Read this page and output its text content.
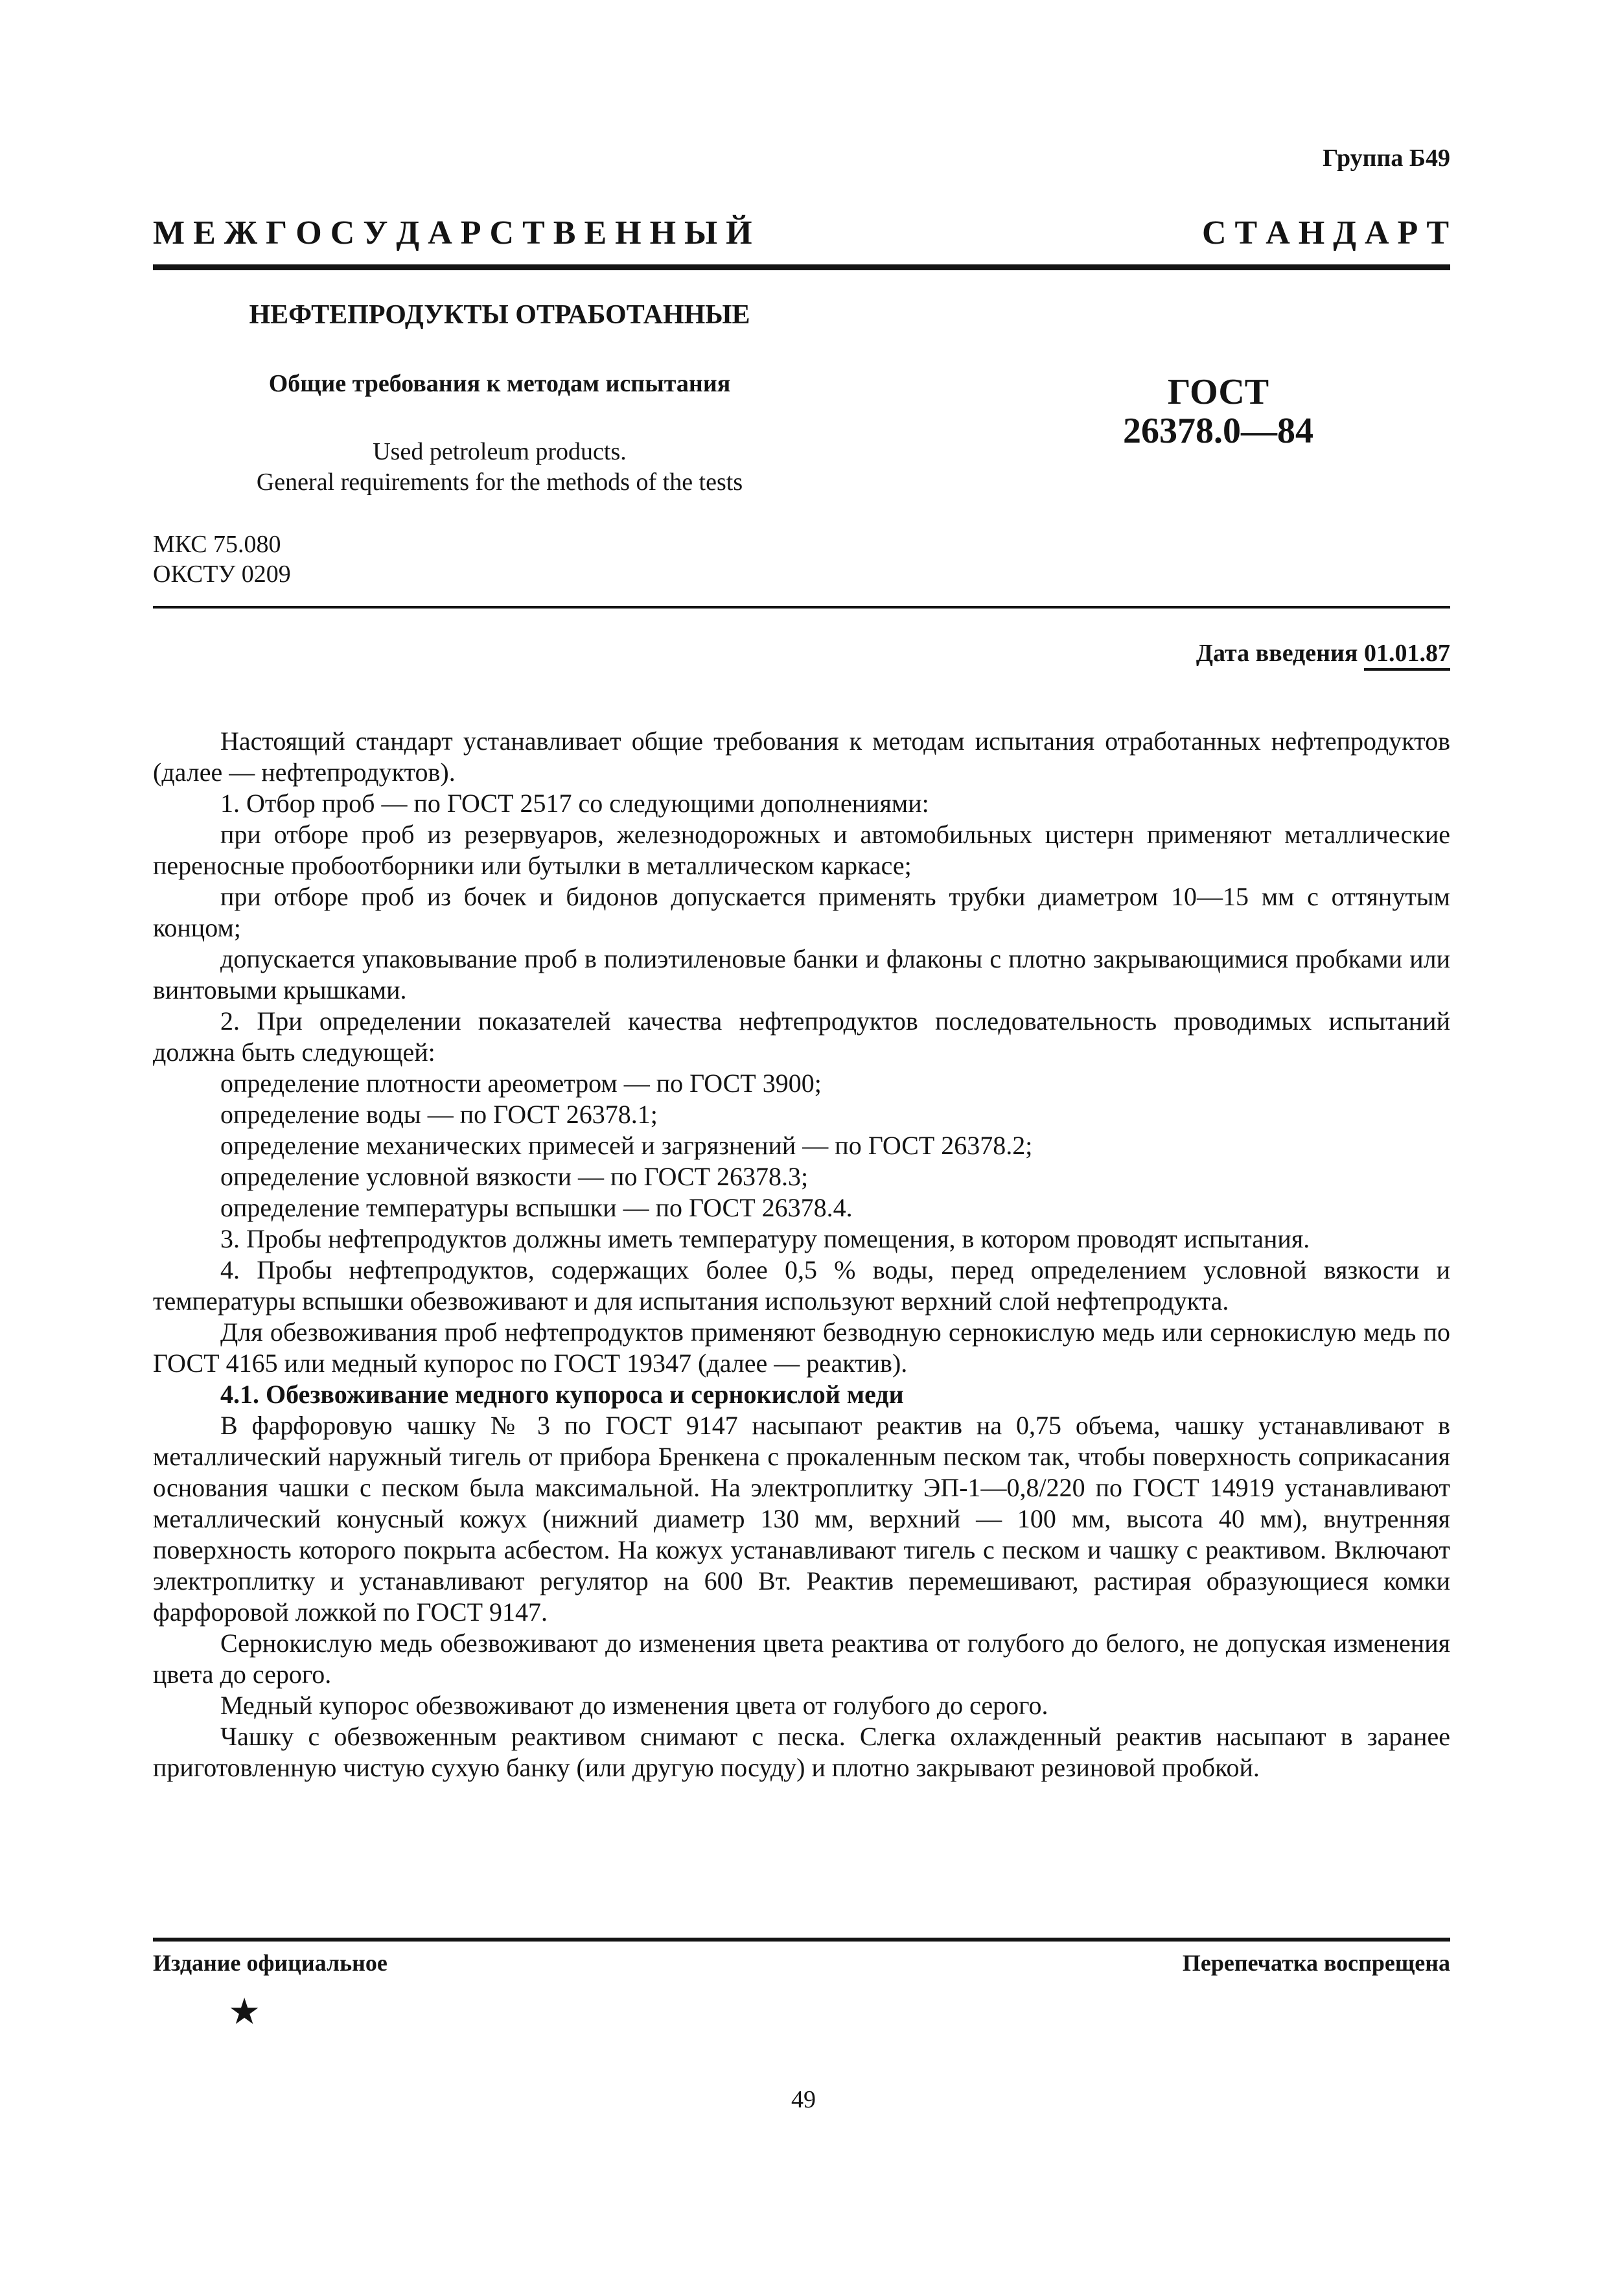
Группа Б49
М Е Ж Г О С У Д А Р С Т В Е Н Н Ы Й	С Т А Н Д А Р Т
НЕФТЕПРОДУКТЫ ОТРАБОТАННЫЕ
Общие требования к методам испытания
Used petroleum products.
General requirements for the methods of the tests
ГОСТ
26378.0—84
МКС 75.080
ОКСТУ 0209
Дата введения 01.01.87

Настоящий стандарт устанавливает общие требования к методам испытания отработанных нефтепродуктов (далее — нефтепродуктов).

1. Отбор проб — по ГОСТ 2517 со следующими дополнениями:

при отборе проб из резервуаров, железнодорожных и автомобильных цистерн применяют металлические переносные пробоотборники или бутылки в металлическом каркасе;

при отборе проб из бочек и бидонов допускается применять трубки диаметром 10—15 мм с оттянутым концом;

допускается упаковывание проб в полиэтиленовые банки и флаконы с плотно закрывающимися пробками или винтовыми крышками.

2. При определении показателей качества нефтепродуктов последовательность проводимых испытаний должна быть следующей:

определение плотности ареометром — по ГОСТ 3900;

определение воды — по ГОСТ 26378.1;

определение механических примесей и загрязнений — по ГОСТ 26378.2;

определение условной вязкости — по ГОСТ 26378.3;

определение температуры вспышки — по ГОСТ 26378.4.

3. Пробы нефтепродуктов должны иметь температуру помещения, в котором проводят испытания.

4. Пробы нефтепродуктов, содержащих более 0,5 % воды, перед определением условной вязкости и температуры вспышки обезвоживают и для испытания используют верхний слой нефтепродукта.

Для обезвоживания проб нефтепродуктов применяют безводную сернокислую медь или сернокислую медь по ГОСТ 4165 или медный купорос по ГОСТ 19347 (далее — реактив).

4.1. Обезвоживание медного купороса и сернокислой меди

В фарфоровую чашку № 3 по ГОСТ 9147 насыпают реактив на 0,75 объема, чашку устанавливают в металлический наружный тигель от прибора Бренкена с прокаленным песком так, чтобы поверхность соприкасания основания чашки с песком была максимальной. На электроплитку ЭП-1—0,8/220 по ГОСТ 14919 устанавливают металлический конусный кожух (нижний диаметр 130 мм, верхний — 100 мм, высота 40 мм), внутренняя поверхность которого покрыта асбестом. На кожух устанавливают тигель с песком и чашку с реактивом. Включают электроплитку и устанавливают регулятор на 600 Вт. Реактив перемешивают, растирая образующиеся комки фарфоровой ложкой по ГОСТ 9147.

Сернокислую медь обезвоживают до изменения цвета реактива от голубого до белого, не допуская изменения цвета до серого.

Медный купорос обезвоживают до изменения цвета от голубого до серого.

Чашку с обезвоженным реактивом снимают с песка. Слегка охлажденный реактив насыпают в заранее приготовленную чистую сухую банку (или другую посуду) и плотно закрывают резиновой пробкой.

Издание официальное	Перепечатка воспрещена
★
49
